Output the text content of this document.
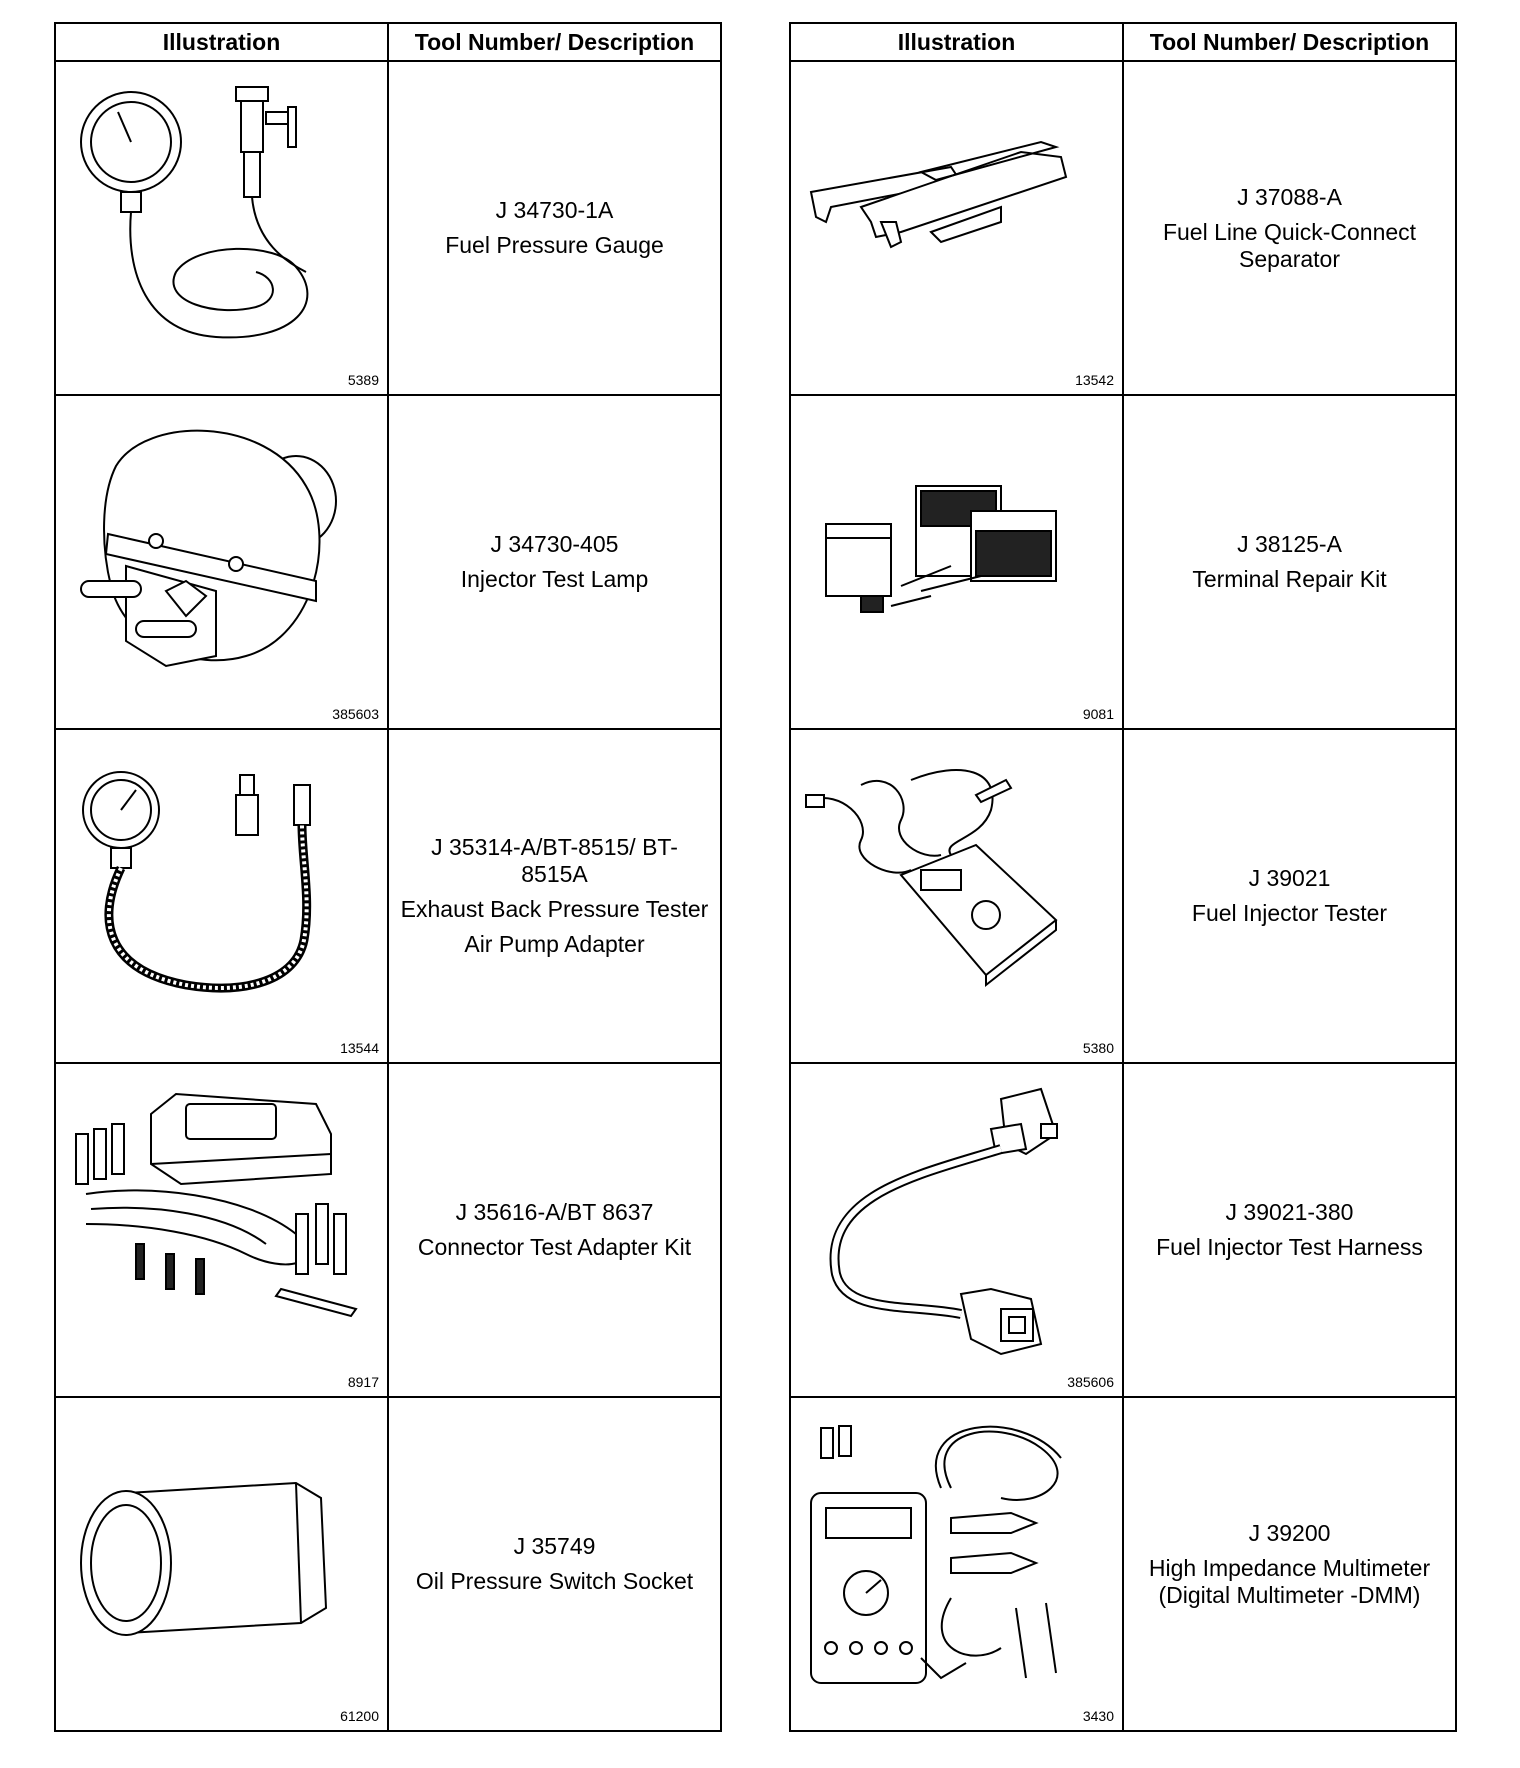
Illustration	Tool Number/ Description

5389	J 34730-1A
Fuel Pressure Gauge

385603	J 34730-405
Injector Test Lamp

13544	J 35314-A/BT-8515/ BT-8515A
Exhaust Back Pressure Tester
Air Pump Adapter

8917	J 35616-A/BT 8637
Connector Test Adapter Kit

61200	J 35749
Oil Pressure Switch Socket
Illustration	Tool Number/ Description

13542	J 37088-A
Fuel Line Quick-Connect Separator

9081	J 38125-A
Terminal Repair Kit

5380	J 39021
Fuel Injector Tester

385606	J 39021-380
Fuel Injector Test Harness

3430	J 39200
High Impedance Multimeter (Digital Multimeter -DMM)
